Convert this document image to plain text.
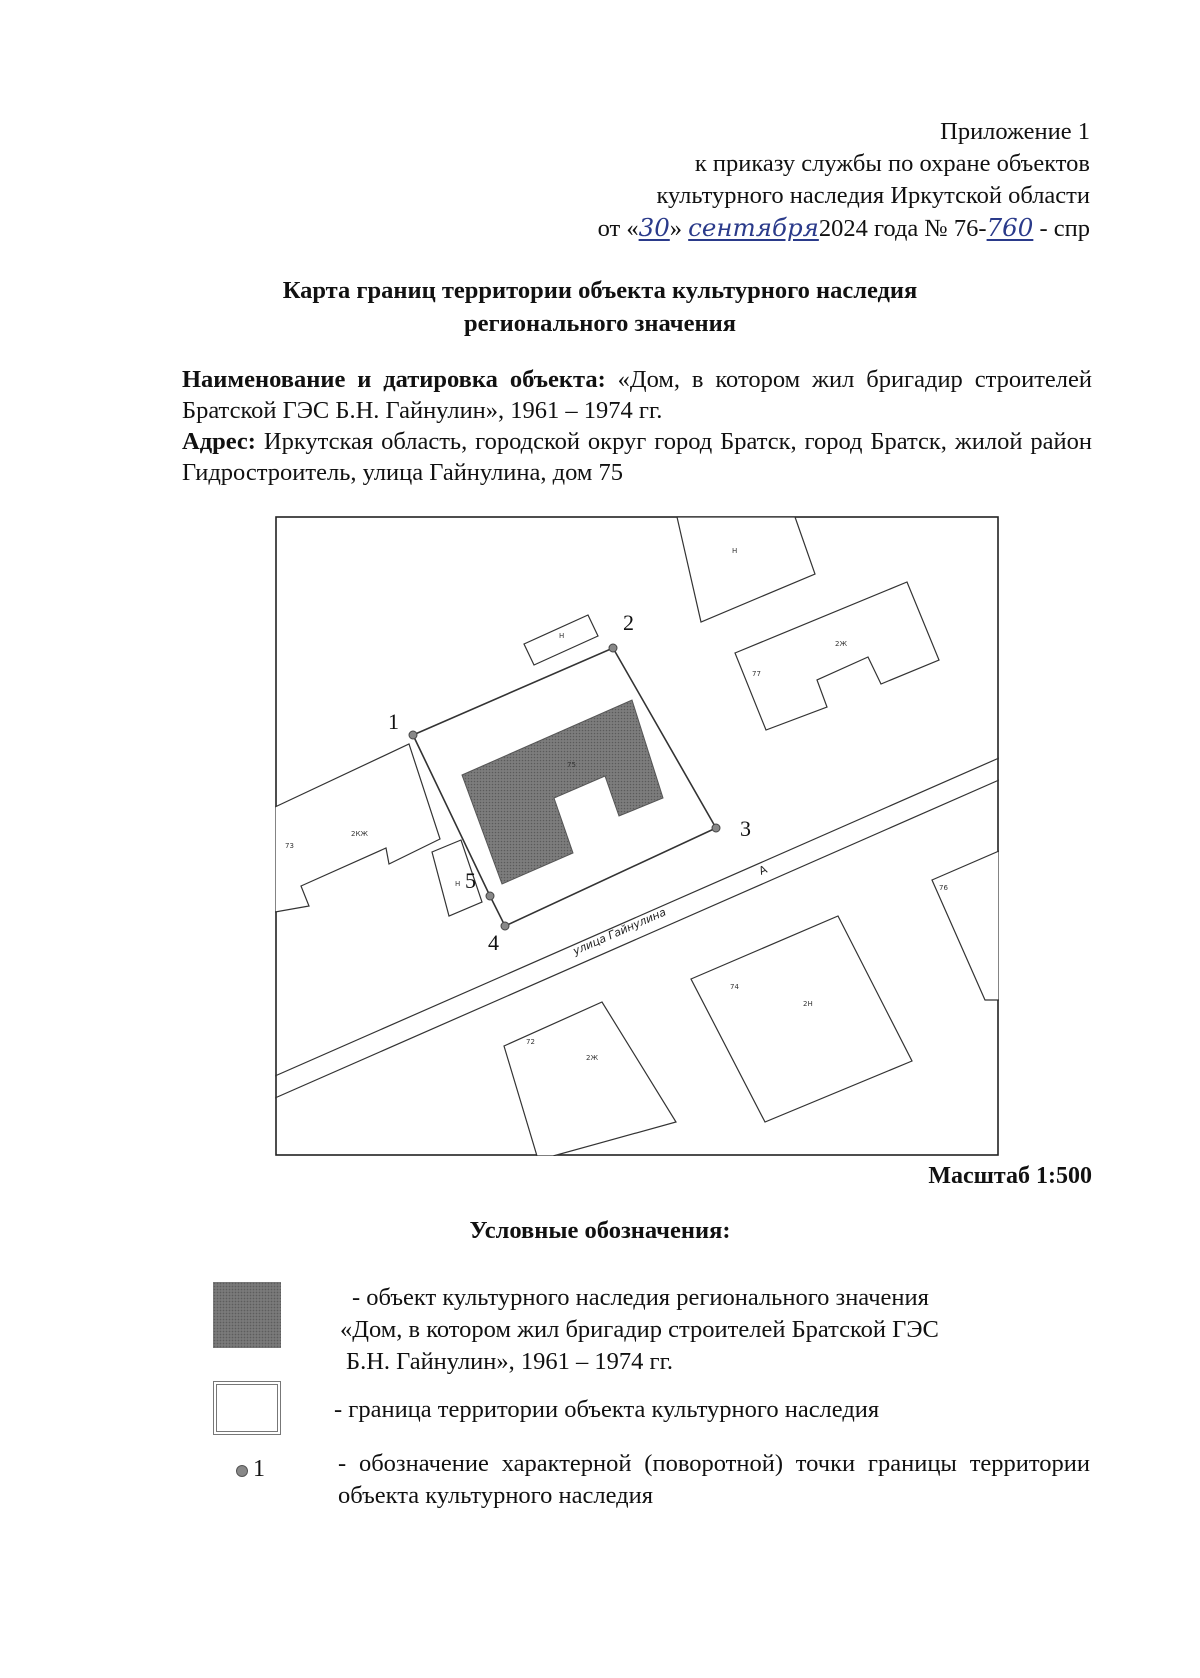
Приложение 1
к приказу службы по охране объектов
культурного наследия Иркутской области
от «30» сентября2024 года № 76-760 - спр
Карта границ территории объекта культурного наследия
регионального значения
Наименование и датировка объекта: «Дом, в котором жил бригадир строителей Братской ГЭС Б.Н. Гайнулин», 1961 – 1974 гг.
Адрес: Иркутская область, городской округ город Братск, город Братск, жилой район Гидростроитель, улица Гайнулина, дом 75
улица Гайнулина
А
1
2
3
4
5
Н
Н
77
2Ж
75
73
2КЖ
Н	76
74
2Н
72
2Ж
Масштаб 1:500
Условные обозначения:
- объект культурного наследия регионального значения
«Дом, в котором жил бригадир строителей Братской ГЭС
Б.Н. Гайнулин», 1961 – 1974 гг.
- граница территории объекта культурного наследия
1	- обозначение характерной (поворотной) точки границы территории объекта культурного наследия
